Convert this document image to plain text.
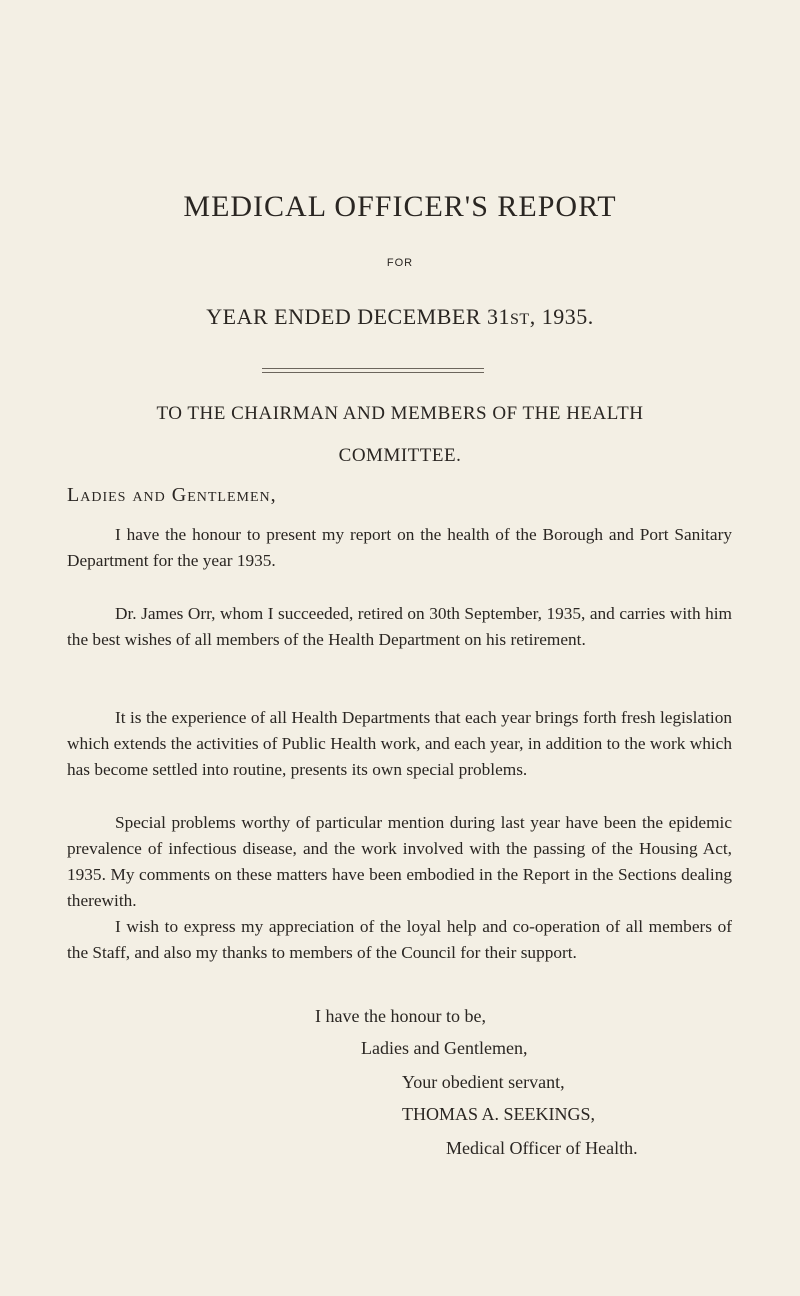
MEDICAL OFFICER'S REPORT
FOR
YEAR ENDED DECEMBER 31ST, 1935.
TO THE CHAIRMAN AND MEMBERS OF THE HEALTH
COMMITTEE.
Ladies and Gentlemen,

I have the honour to present my report on the health of the Borough and Port Sanitary Department for the year 1935.

Dr. James Orr, whom I succeeded, retired on 30th September, 1935, and carries with him the best wishes of all members of the Health Department on his retirement.

It is the experience of all Health Departments that each year brings forth fresh legislation which extends the activities of Public Health work, and each year, in addition to the work which has become settled into routine, presents its own special problems.

Special problems worthy of particular mention during last year have been the epidemic prevalence of infectious disease, and the work involved with the passing of the Housing Act, 1935. My comments on these matters have been embodied in the Report in the Sections dealing therewith.

I wish to express my appreciation of the loyal help and co-operation of all members of the Staff, and also my thanks to members of the Council for their support.

I have the honour to be,
Ladies and Gentlemen,
Your obedient servant,
THOMAS A. SEEKINGS,
Medical Officer of Health.
